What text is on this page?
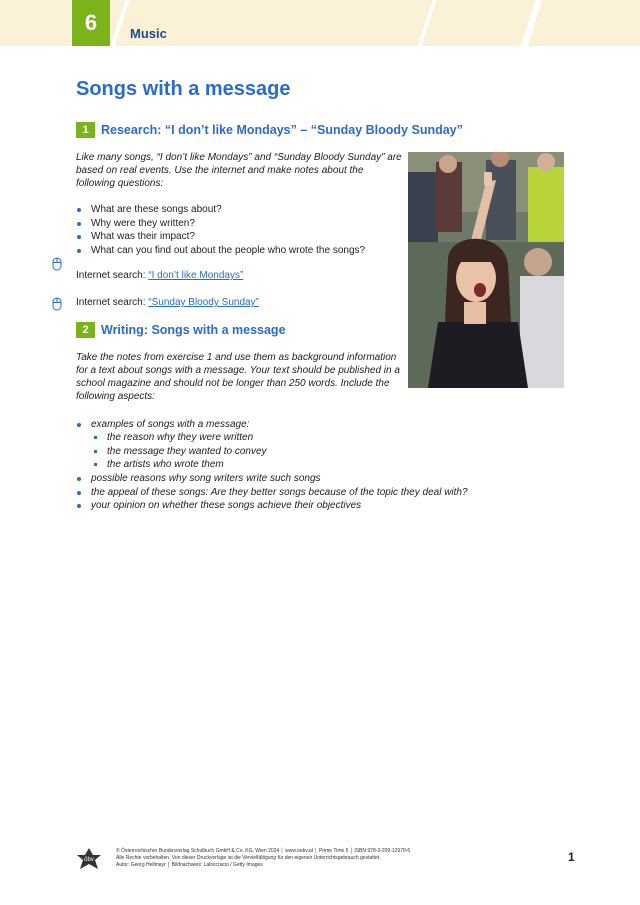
6	Music
Songs with a message
1 Research: “I don’t like Mondays” – “Sunday Bloody Sunday”
Like many songs, “I don’t like Mondays” and “Sunday Bloody Sunday” are
based on real events. Use the internet and make notes about the
following questions:
What are these songs about?
Why were they written?
What was their impact?
What can you find out about the people who wrote the songs?
Internet search: “I don’t like Mondays”
Internet search: “Sunday Bloody Sunday”
2 Writing: Songs with a message
Take the notes from exercise 1 and use them as background information
for a text about songs with a message. Your text should be published in a
school magazine and should not be longer than 250 words. Include the
following aspects:
examples of songs with a message:
the reason why they were written
the message they wanted to convey
the artists who wrote them
possible reasons why song writers write such songs
the appeal of these songs: Are they better songs because of the topic they deal with?
your opinion on whether these songs achieve their objectives
öbv
© Österreichischer Bundesverlag Schulbuch GmbH & Co. KG, Wien 2024 │ www.oebv.at │ Prime Time 5 │ ISBN 978-3-209-12979-6
Alle Rechte vorbehalten. Von dieser Druckvorlage ist die Vervielfältigung für den eigenen Unterrichtsgebrauch gestattet.
Autor: Georg Hellmayr │ Bildnachweis: Laloccracio / Getty Images
1
